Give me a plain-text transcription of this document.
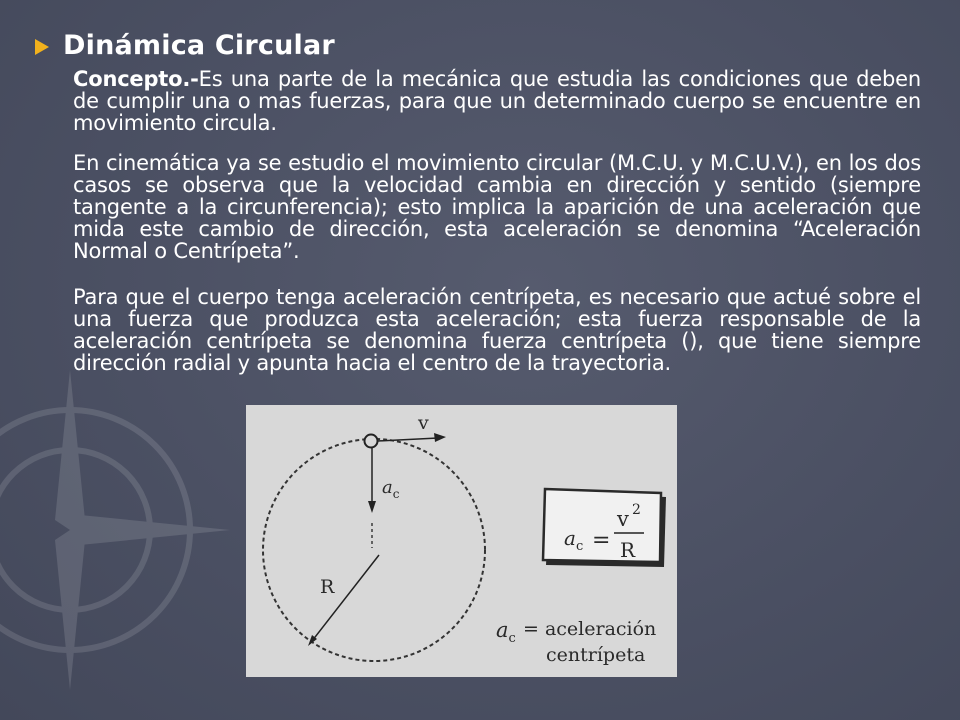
Dinámica Circular
Concepto.-Es una parte de la mecánica que estudia las condiciones que deben de cumplir una o mas fuerzas, para que un determinado cuerpo se encuentre en movimiento circula.
En cinemática ya se estudio el movimiento circular (M.C.U. y M.C.U.V.), en los dos casos se observa que la velocidad cambia en dirección y sentido (siempre tangente a la circunferencia); esto implica la aparición de una aceleración que mida este cambio de dirección, esta aceleración se denomina “Aceleración Normal o Centrípeta”.
Para que el cuerpo tenga aceleración centrípeta, es necesario que actué sobre el una fuerza que produzca esta aceleración; esta fuerza responsable de la aceleración centrípeta se denomina fuerza centrípeta (), que tiene siempre dirección radial y apunta hacia el centro de la trayectoria.
v
$a_c$
R
$a_c$ =
v 2
R
$a_c$ = aceleración
centrípeta
